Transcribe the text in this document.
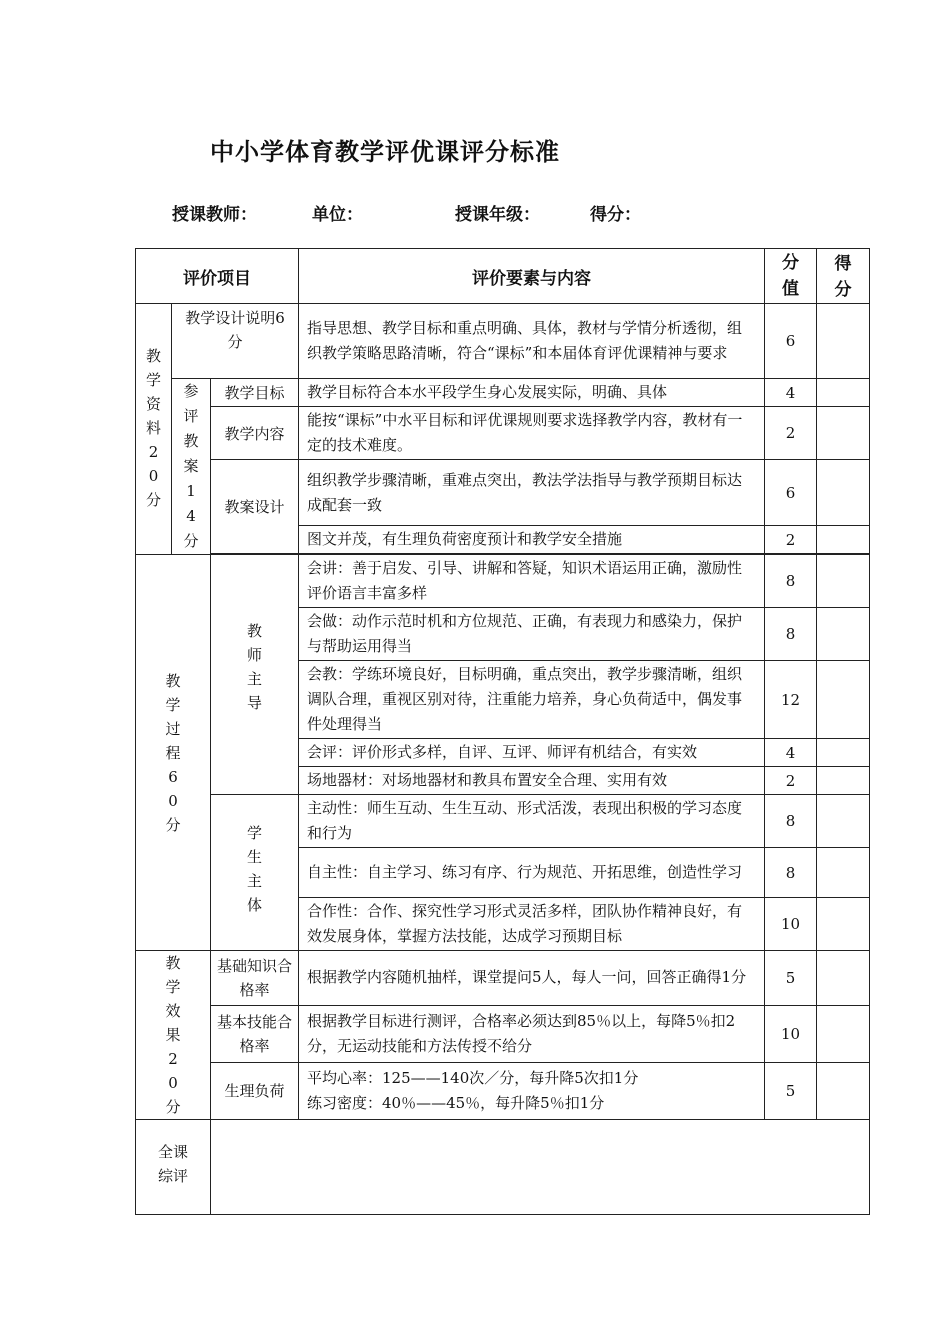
中小学体育教学评优课评分标准
授课教师：	单位：	授课年级：	得分：
评价项目			评价要素与内容	分值	得分

教学资料20分	教学设计说明6分		指导思想、教学目标和重点明确、具体，教材与学情分析透彻，组织教学策略思路清晰，符合“课标”和本届体育评优课精神与要求	6	

	参评教案14分	教学目标	教学目标符合本水平段学生身心发展实际，明确、具体	4	
		教学内容	能按“课标”中水平目标和评优课规则要求选择教学内容，教材有一定的技术难度。	2	
		教案设计	组织教学步骤清晰，重难点突出，教法学法指导与教学预期目标达成配套一致	6	
			图文并茂，有生理负荷密度预计和教学安全措施	2	

教学过程60分		教师主导	会讲：善于启发、引导、讲解和答疑，知识术语运用正确，激励性评价语言丰富多样	8	
			会做：动作示范时机和方位规范、正确，有表现力和感染力，保护与帮助运用得当	8	
			会教：学练环境良好，目标明确，重点突出，教学步骤清晰，组织调队合理，重视区别对待，注重能力培养，身心负荷适中，偶发事件处理得当	12	
			会评：评价形式多样，自评、互评、师评有机结合，有实效	4	
			场地器材：对场地器材和教具布置安全合理、实用有效	2	

		学生主体	主动性：师生互动、生生互动、形式活泼，表现出积极的学习态度和行为	8	
			自主性：自主学习、练习有序、行为规范、开拓思维，创造性学习	8	
			合作性：合作、探究性学习形式灵活多样，团队协作精神良好，有效发展身体，掌握方法技能，达成学习预期目标	10	

教学效果20分		基础知识合格率	根据教学内容随机抽样，课堂提问5人，每人一问，回答正确得1分	5	

		基本技能合格率	根据教学目标进行测评，合格率必须达到85％以上，每降5％扣2分，无运动技能和方法传授不给分	10	
		生理负荷	平均心率：125——140次／分，每升降5次扣1分
练习密度：40％——45％，每升降5％扣1分	5	

全课综评					
